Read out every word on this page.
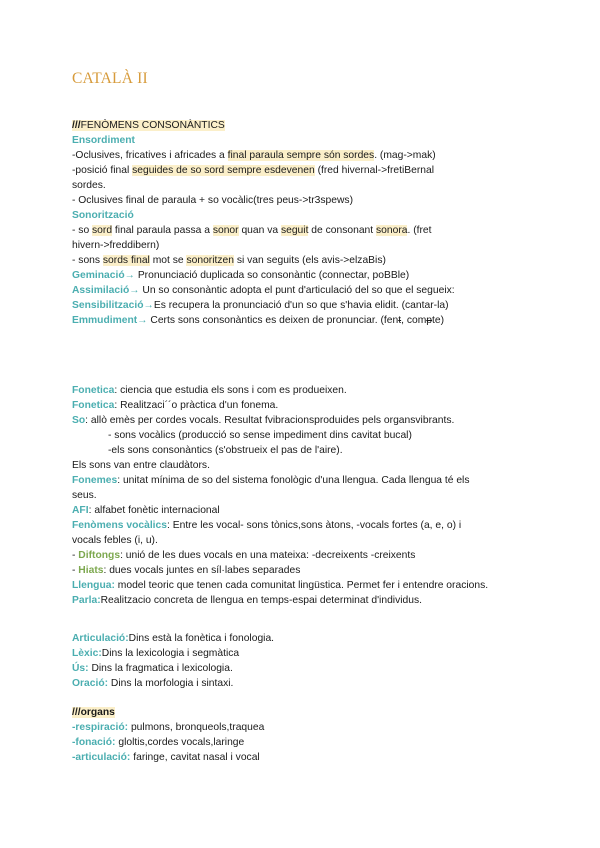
CATALÀ II
///FENÒMENS CONSONÀNTICS
Ensordiment
-Oclusives, fricatives i africades a final paraula sempre són sordes. (mag->mak)
-posició final seguides de so sord sempre esdevenen (fred hivernal->fretiBernal
sordes.
- Oclusives final de paraula + so vocàlic(tres peus->tr3spews)
Sonorització
- so sord final paraula passa a sonor quan va seguit de consonant sonora. (fret
hivern->freddibern)
- sons sords final mot se sonoritzen si van seguits (els avis->elzaBis)
Geminació→ Pronunciació duplicada so consonàntic (connectar, poBBle)
Assimilació→ Un so consonàntic adopta el punt d'articulació del so que el segueix:
Sensibilització→Es recupera la pronunciació d'un so que s'havia elidit. (cantar-la)
Emmudiment→ Certs sons consonàntics es deixen de pronunciar. (fent, compte)
Fonetica: ciencia que estudia els sons i com es produeixen.
Fonetica: Realitzaci´´o pràctica d'un fonema.
So: allò emès per cordes vocals. Resultat fvibracionsproduides pels organsvibrants.
- sons vocàlics (producció so sense impediment dins cavitat bucal)
-els sons consonàntics (s'obstrueix el pas de l'aire).
Els sons van entre claudàtors.
Fonemes: unitat mínima de so del sistema fonològic d'una llengua. Cada llengua té els
seus.
AFI: alfabet fonètic internacional
Fenòmens vocàlics: Entre les vocal- sons tònics,sons àtons, -vocals fortes (a, e, o) i
vocals febles (i, u).
- Diftongs: unió de les dues vocals en una mateixa: -decreixents -creixents
- Hiats: dues vocals juntes en síl·labes separades
Llengua: model teoric que tenen cada comunitat lingüstica. Permet fer i entendre oracions.
Parla:Realitzacio concreta de llengua en temps-espai determinat d'individus.
Articulació:Dins està la fonètica i fonologia.
Lèxic:Dins la lexicologia i segmàtica
Ús: Dins la fragmatica i lexicologia.
Oració: Dins la morfologia i sintaxi.
///organs
-respiració: pulmons, bronqueols,traquea
-fonació: gloltis,cordes vocals,laringe
-articulació: faringe, cavitat nasal i vocal
